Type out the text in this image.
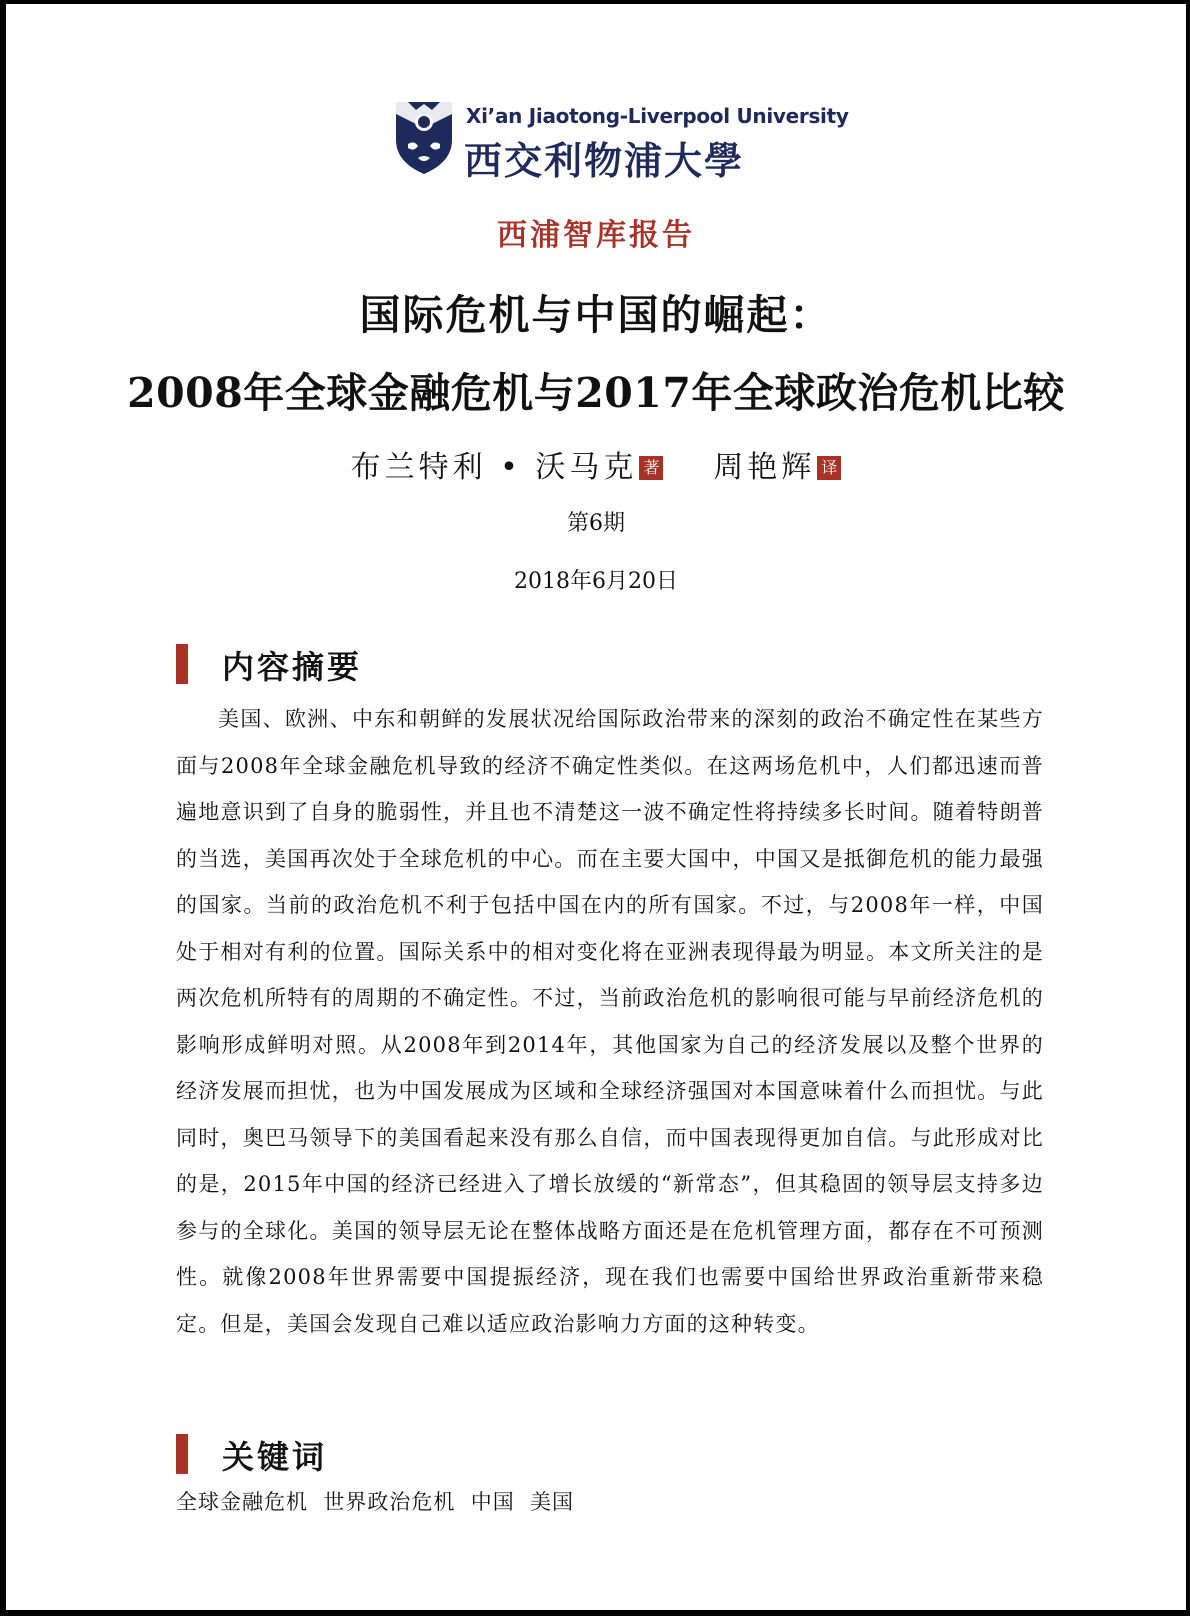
Xi’an Jiaotong-Liverpool University
西交利物浦大學
西浦智库报告
国际危机与中国的崛起：
2008年全球金融危机与2017年全球政治危机比较
布兰特利 • 沃马克 著 周艳辉 译
第6期
2018年6月20日
内容摘要

美国、欧洲、中东和朝鲜的发展状况给国际政治带来的深刻的政治不确定性在某些方面与2008年全球金融危机导致的经济不确定性类似。在这两场危机中，人们都迅速而普遍地意识到了自身的脆弱性，并且也不清楚这一波不确定性将持续多长时间。随着特朗普的当选，美国再次处于全球危机的中心。而在主要大国中，中国又是抵御危机的能力最强的国家。当前的政治危机不利于包括中国在内的所有国家。不过，与2008年一样，中国处于相对有利的位置。国际关系中的相对变化将在亚洲表现得最为明显。本文所关注的是两次危机所特有的周期的不确定性。不过，当前政治危机的影响很可能与早前经济危机的影响形成鲜明对照。从2008年到2014年，其他国家为自己的经济发展以及整个世界的经济发展而担忧，也为中国发展成为区域和全球经济强国对本国意味着什么而担忧。与此同时，奥巴马领导下的美国看起来没有那么自信，而中国表现得更加自信。与此形成对比的是，2015年中国的经济已经进入了增长放缓的“新常态”，但其稳固的领导层支持多边参与的全球化。美国的领导层无论在整体战略方面还是在危机管理方面，都存在不可预测性。就像2008年世界需要中国提振经济，现在我们也需要中国给世界政治重新带来稳定。但是，美国会发现自己难以适应政治影响力方面的这种转变。

关键词
全球金融危机  世界政治危机  中国  美国
